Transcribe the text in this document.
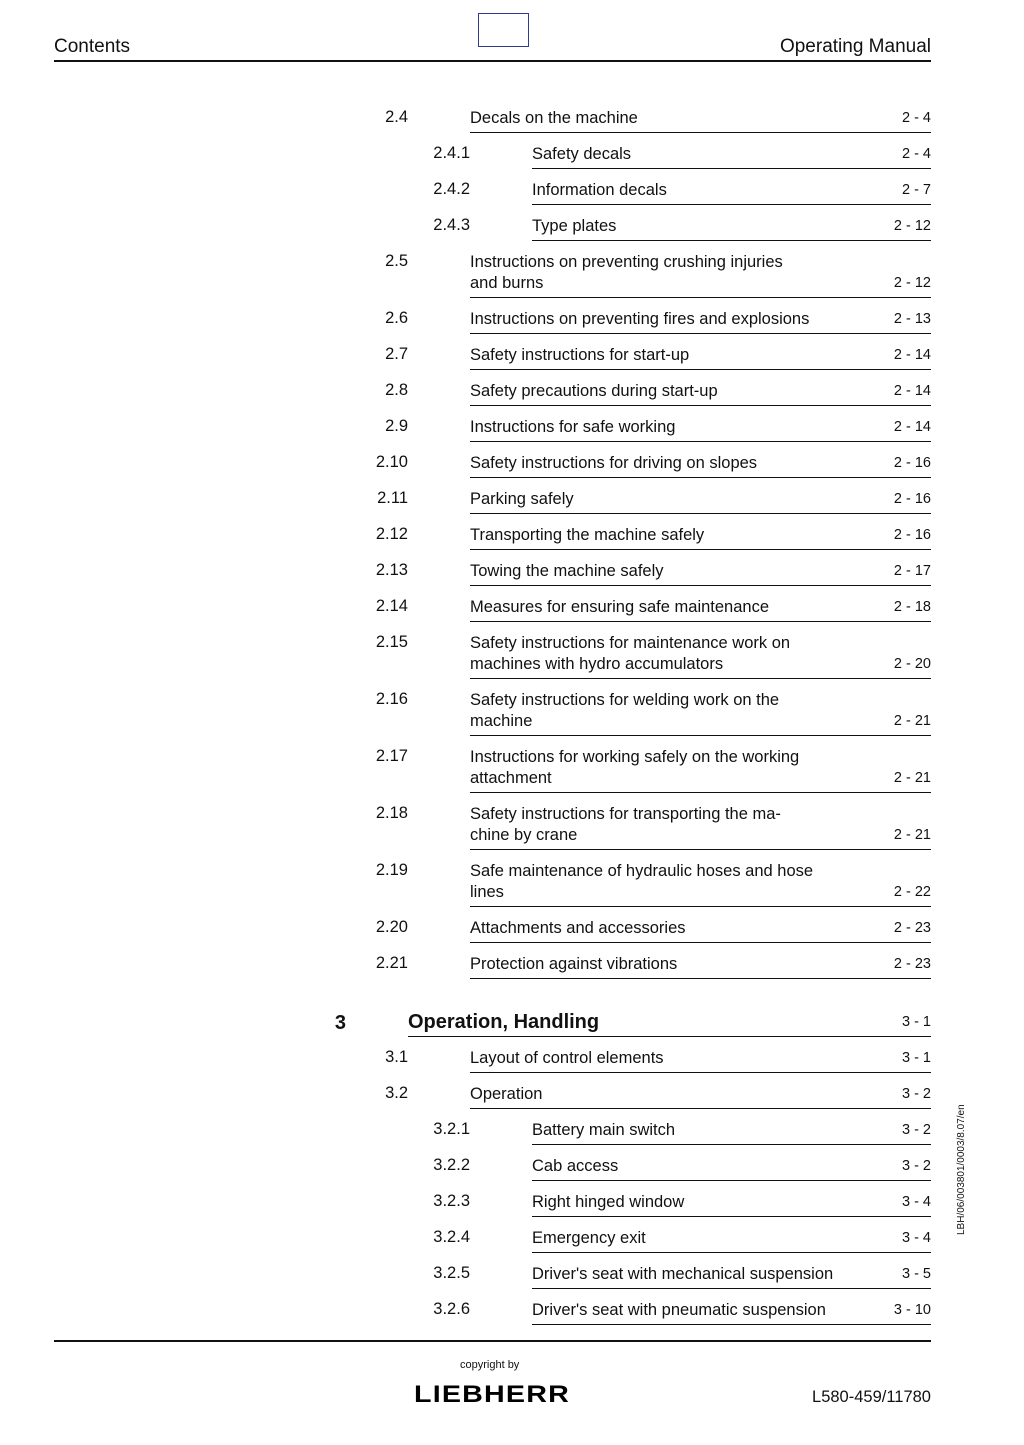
Contents	Operating Manual
2.4	Decals on the machine	2 - 4
2.4.1	Safety decals	2 - 4
2.4.2	Information decals	2 - 7
2.4.3	Type plates	2 - 12
2.5	Instructions on preventing crushing injuries
and burns	2 - 12
2.6	Instructions on preventing fires and explosions	2 - 13
2.7	Safety instructions for start-up	2 - 14
2.8	Safety precautions during start-up	2 - 14
2.9	Instructions for safe working	2 - 14
2.10	Safety instructions for driving on slopes	2 - 16
2.11	Parking safely	2 - 16
2.12	Transporting the machine safely	2 - 16
2.13	Towing the machine safely	2 - 17
2.14	Measures for ensuring safe maintenance	2 - 18
2.15	Safety instructions for maintenance work on
machines with hydro accumulators	2 - 20
2.16	Safety instructions for welding work on the
machine	2 - 21
2.17	Instructions for working safely on the working
attachment	2 - 21
2.18	Safety instructions for transporting the ma-
chine by crane	2 - 21
2.19	Safe maintenance of hydraulic hoses and hose
lines	2 - 22
2.20	Attachments and accessories	2 - 23
2.21	Protection against vibrations	2 - 23
3	Operation, Handling	3 - 1
3.1	Layout of control elements	3 - 1
3.2	Operation	3 - 2
3.2.1	Battery main switch	3 - 2
3.2.2	Cab access	3 - 2
3.2.3	Right hinged window	3 - 4
3.2.4	Emergency exit	3 - 4
3.2.5	Driver's seat with mechanical suspension	3 - 5
3.2.6	Driver's seat with pneumatic suspension	3 - 10
LBH/06/003801/0003/8.07/en
copyright by
LIEBHERR	L580-459/11780
